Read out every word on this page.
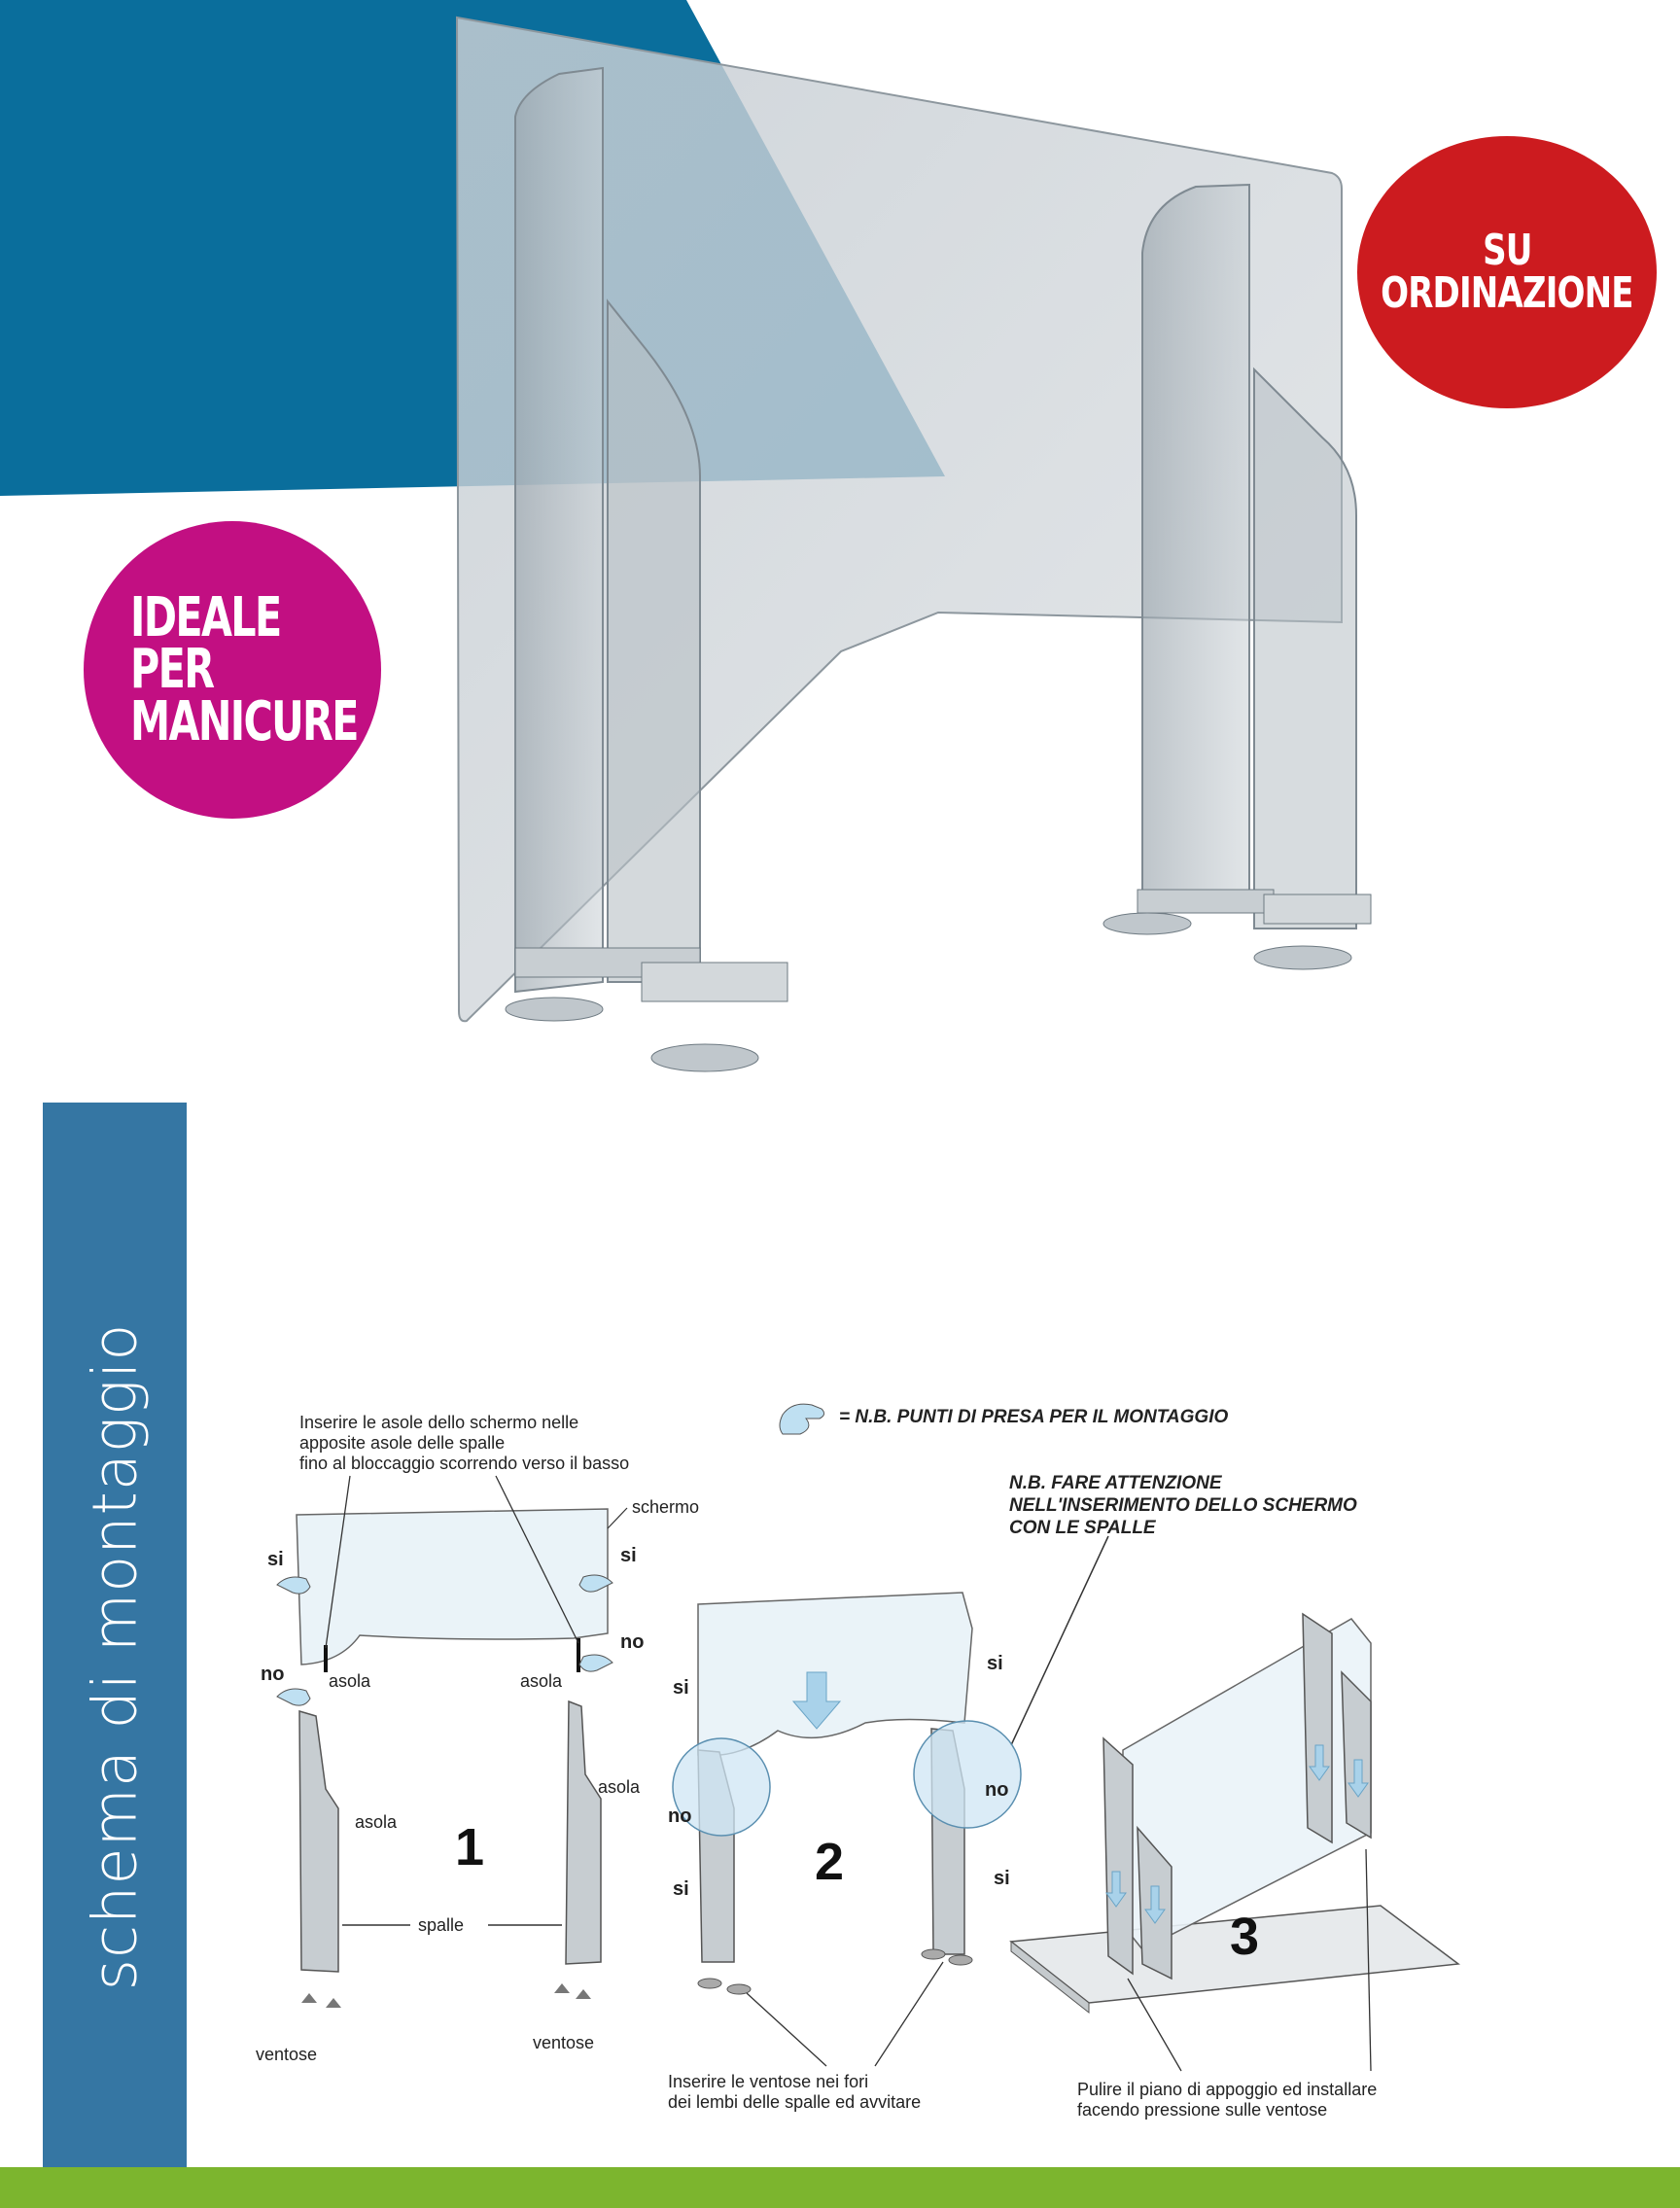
SU
ORDINAZIONE
IDEALE
PER
MANICURE
schema di montaggio	= N.B. PUNTI DI PRESA PER IL MONTAGGIO
Inserire le asole dello schermo nelle apposite asole delle spalle fino al bloccaggio scorrendo verso il basso
N.B. FARE ATTENZIONE NELL'INSERIMENTO DELLO SCHERMO CON LE SPALLE
schermo
si	si
no
no
asola	asola
asola
asola
1
spalle
ventose
ventose
si
si
no
no
si	si
2
Inserire le ventose nei fori dei lembi delle spalle ed avvitare
3
Pulire il piano di appoggio ed installare facendo pressione sulle ventose
